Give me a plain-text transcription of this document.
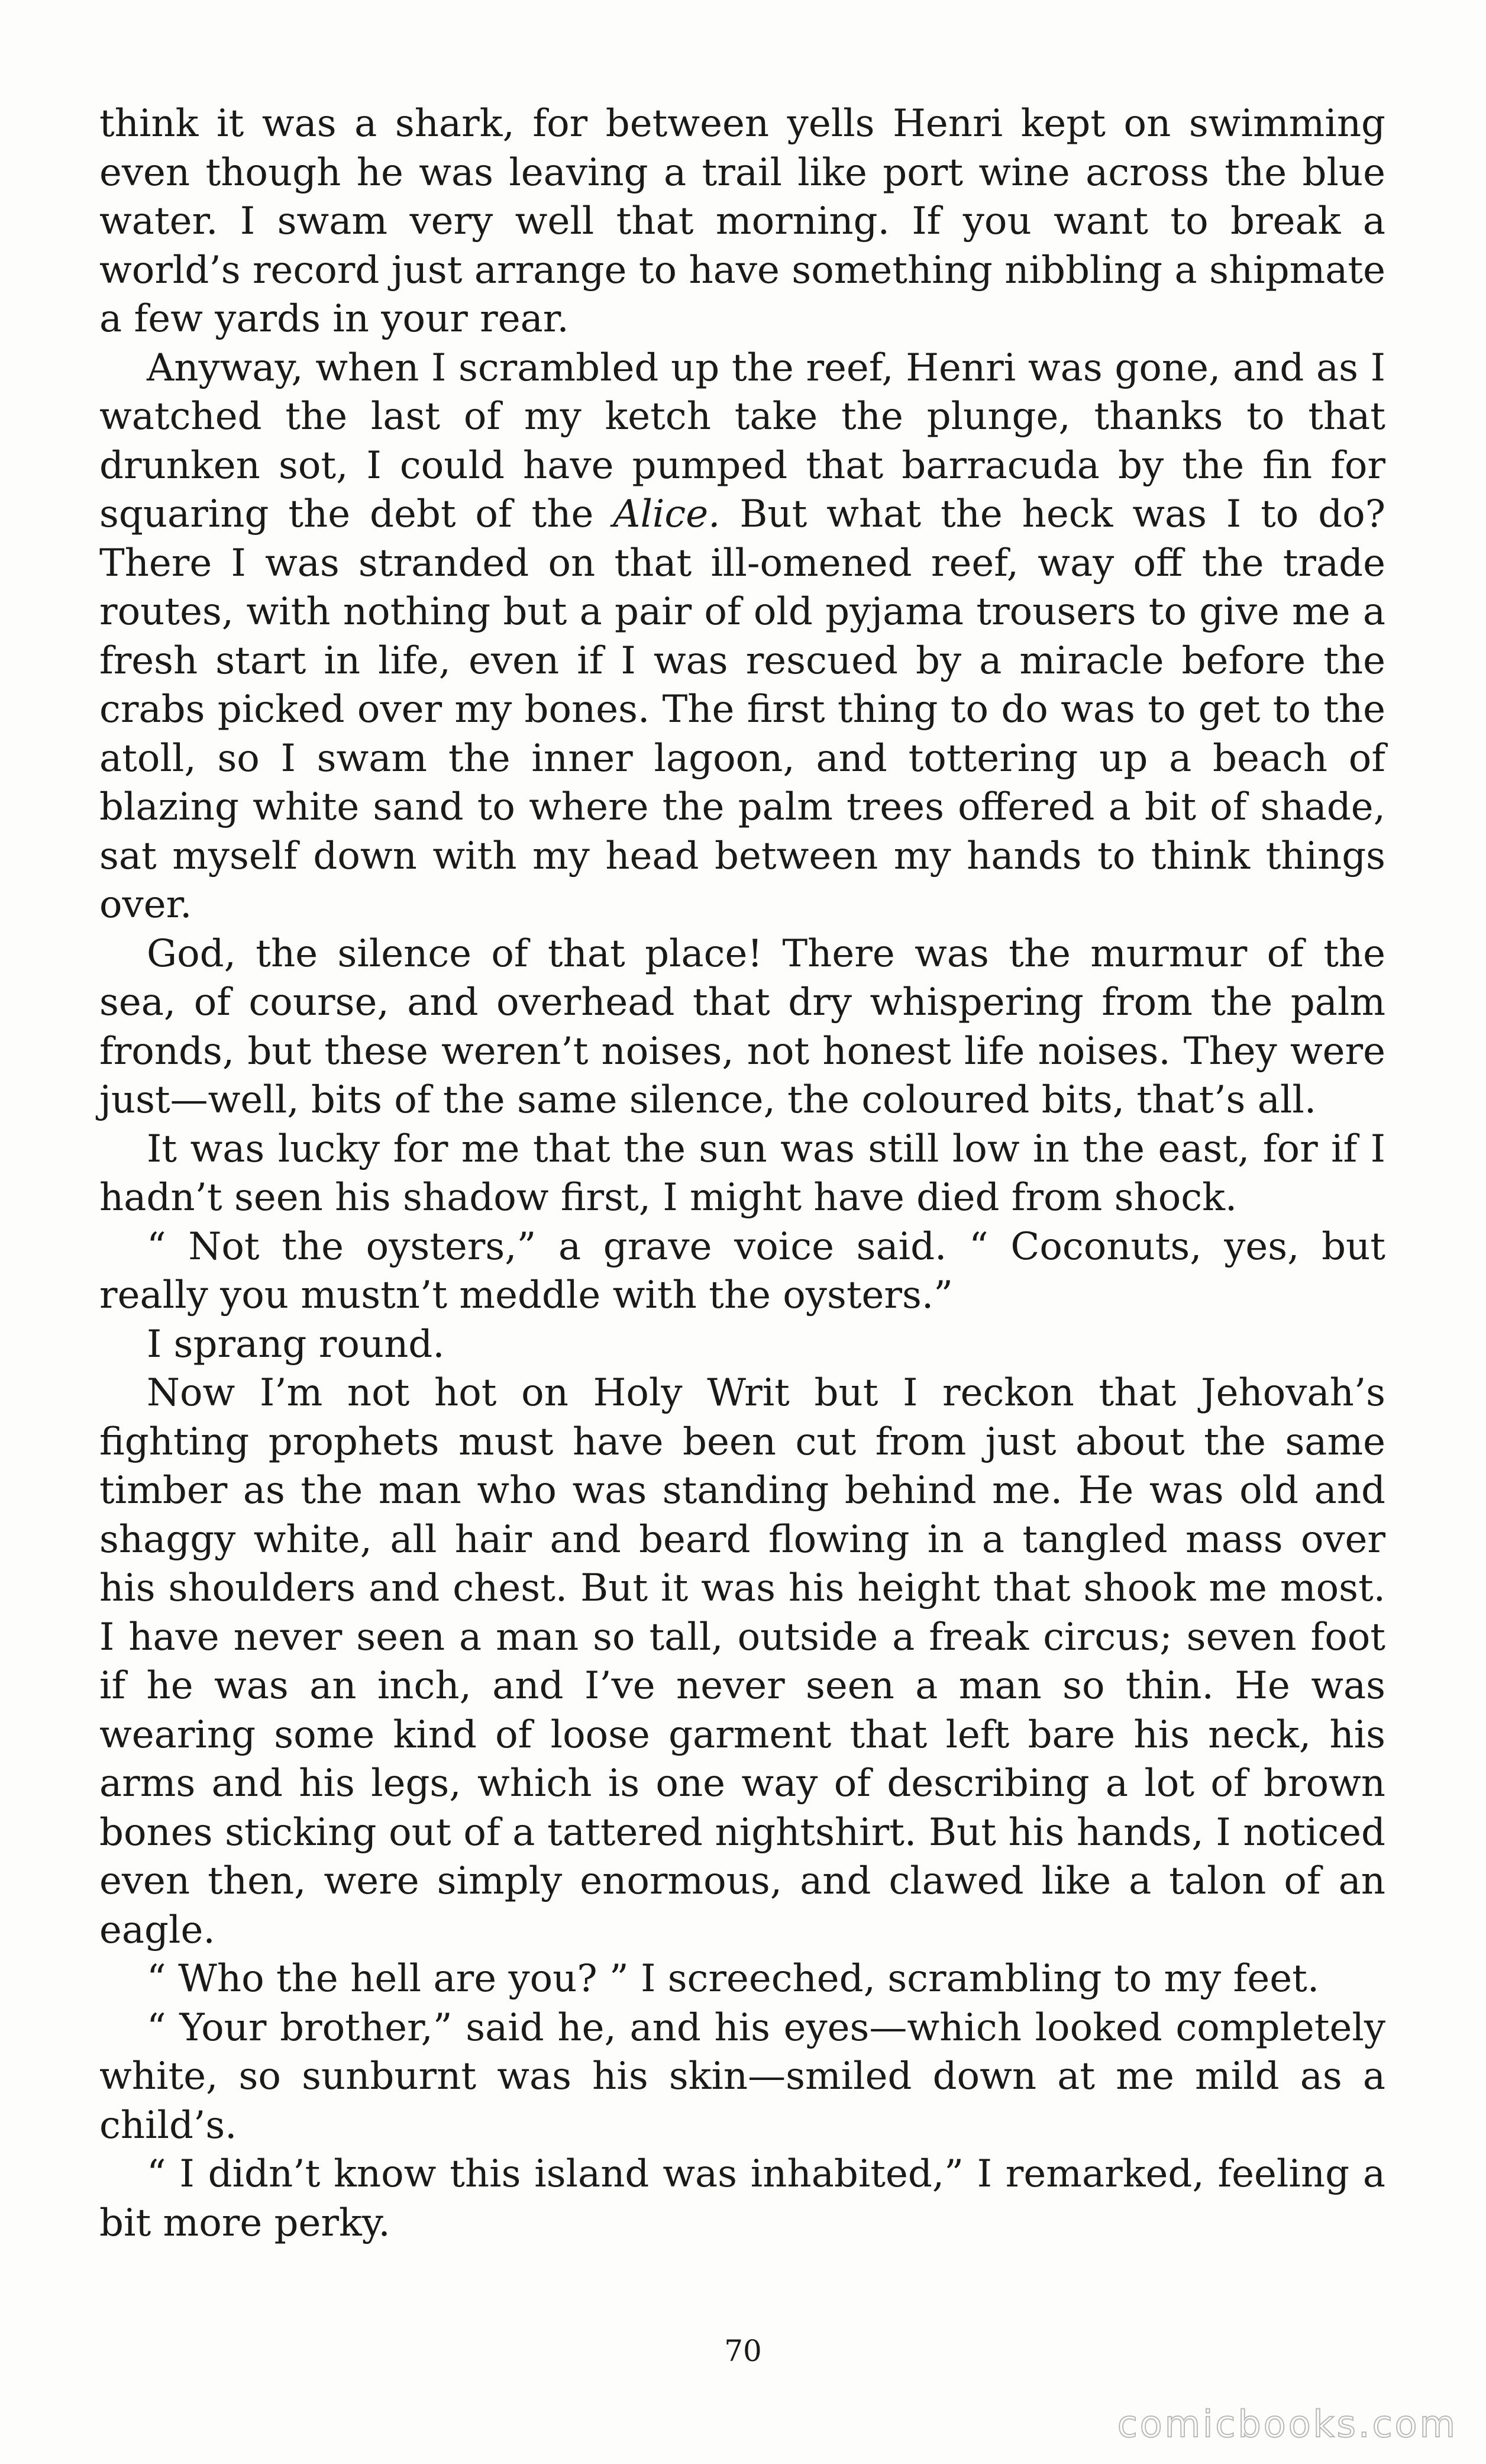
think it was a shark, for between yells Henri kept on swimming even though he was leaving a trail like port wine across the blue water. I swam very well that morning. If you want to break a world’s record just arrange to have something nibbling a shipmate a few yards in your rear.

Anyway, when I scrambled up the reef, Henri was gone, and as I watched the last of my ketch take the plunge, thanks to that drunken sot, I could have pumped that barracuda by the fin for squaring the debt of the Alice. But what the heck was I to do? There I was stranded on that ill-omened reef, way off the trade routes, with nothing but a pair of old pyjama trousers to give me a fresh start in life, even if I was rescued by a miracle before the crabs picked over my bones. The first thing to do was to get to the atoll, so I swam the inner lagoon, and tottering up a beach of blazing white sand to where the palm trees offered a bit of shade, sat myself down with my head between my hands to think things over.

God, the silence of that place! There was the murmur of the sea, of course, and overhead that dry whispering from the palm fronds, but these weren’t noises, not honest life noises. They were just—well, bits of the same silence, the coloured bits, that’s all.

It was lucky for me that the sun was still low in the east, for if I hadn’t seen his shadow first, I might have died from shock.

“ Not the oysters,” a grave voice said. “ Coconuts, yes, but really you mustn’t meddle with the oysters.”

I sprang round.

Now I’m not hot on Holy Writ but I reckon that Jehovah’s fighting prophets must have been cut from just about the same timber as the man who was standing behind me. He was old and shaggy white, all hair and beard flowing in a tangled mass over his shoulders and chest. But it was his height that shook me most. I have never seen a man so tall, outside a freak circus; seven foot if he was an inch, and I’ve never seen a man so thin. He was wearing some kind of loose garment that left bare his neck, his arms and his legs, which is one way of describing a lot of brown bones sticking out of a tattered nightshirt. But his hands, I noticed even then, were simply enormous, and clawed like a talon of an eagle.

“ Who the hell are you? ” I screeched, scrambling to my feet.

“ Your brother,” said he, and his eyes—which looked completely white, so sunburnt was his skin—smiled down at me mild as a child’s.

“ I didn’t know this island was inhabited,” I remarked, feeling a bit more perky.

70
comicbooks.com
